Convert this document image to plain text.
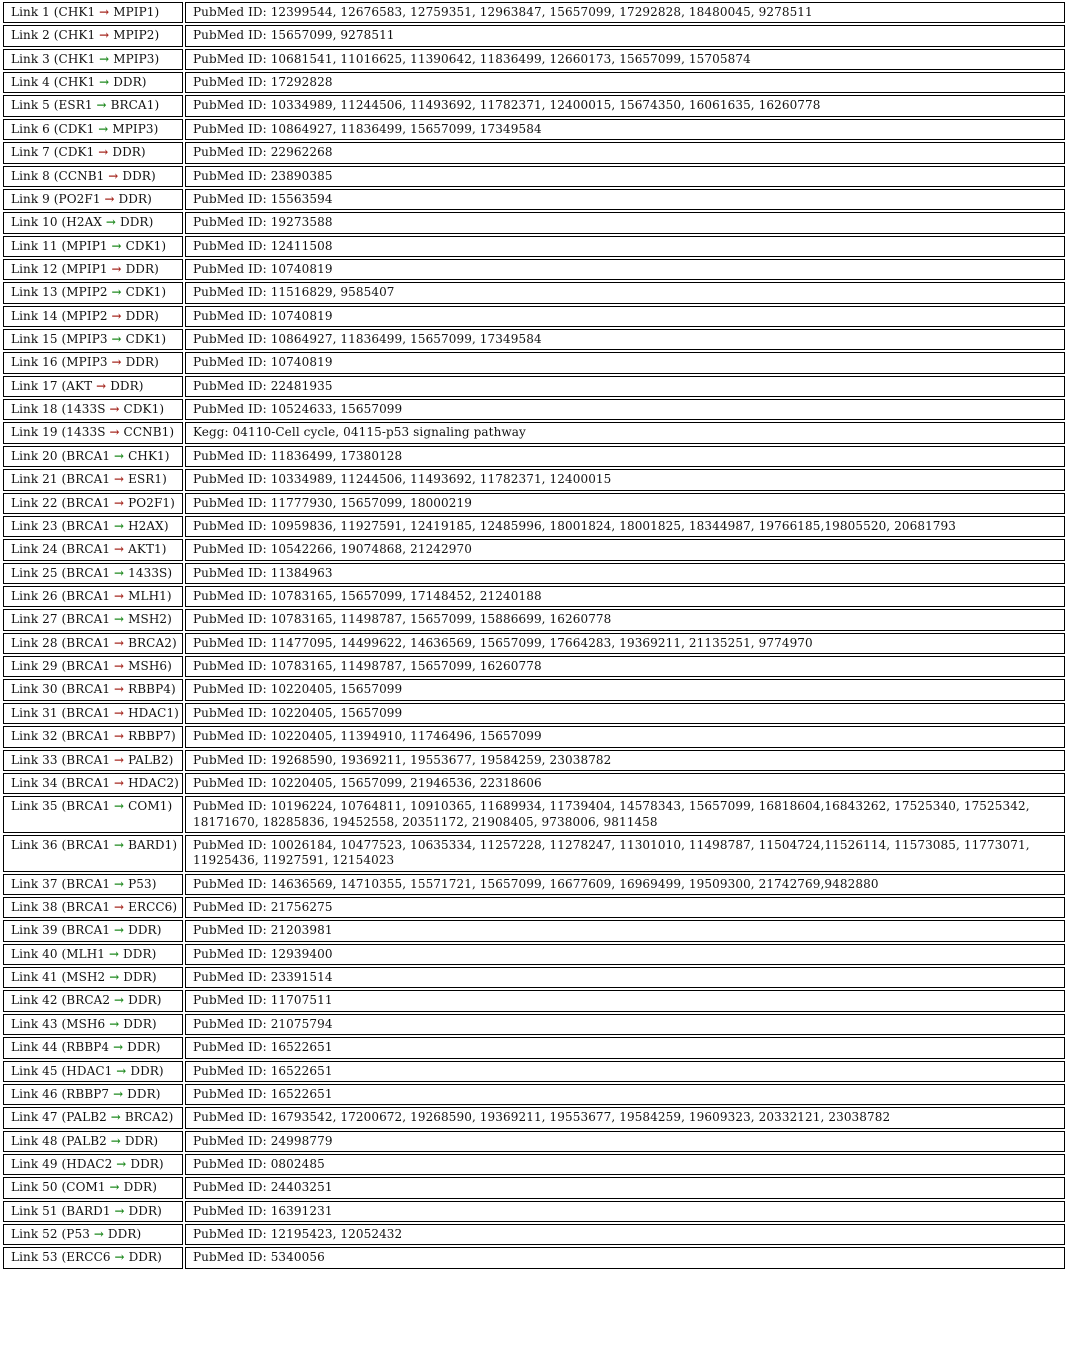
Link 1 (CHK1 → MPIP1)	PubMed ID: 12399544, 12676583, 12759351, 12963847, 15657099, 17292828, 18480045, 9278511
Link 2 (CHK1 → MPIP2)	PubMed ID: 15657099, 9278511
Link 3 (CHK1 → MPIP3)	PubMed ID: 10681541, 11016625, 11390642, 11836499, 12660173, 15657099, 15705874
Link 4 (CHK1 → DDR)	PubMed ID: 17292828
Link 5 (ESR1 → BRCA1)	PubMed ID: 10334989, 11244506, 11493692, 11782371, 12400015, 15674350, 16061635, 16260778
Link 6 (CDK1 → MPIP3)	PubMed ID: 10864927, 11836499, 15657099, 17349584
Link 7 (CDK1 → DDR)	PubMed ID: 22962268
Link 8 (CCNB1 → DDR)	PubMed ID: 23890385
Link 9 (PO2F1 → DDR)	PubMed ID: 15563594
Link 10 (H2AX → DDR)	PubMed ID: 19273588
Link 11 (MPIP1 → CDK1)	PubMed ID: 12411508
Link 12 (MPIP1 → DDR)	PubMed ID: 10740819
Link 13 (MPIP2 → CDK1)	PubMed ID: 11516829, 9585407
Link 14 (MPIP2 → DDR)	PubMed ID: 10740819
Link 15 (MPIP3 → CDK1)	PubMed ID: 10864927, 11836499, 15657099, 17349584
Link 16 (MPIP3 → DDR)	PubMed ID: 10740819
Link 17 (AKT → DDR)	PubMed ID: 22481935
Link 18 (1433S → CDK1)	PubMed ID: 10524633, 15657099
Link 19 (1433S → CCNB1)	Kegg: 04110-Cell cycle, 04115-p53 signaling pathway
Link 20 (BRCA1 → CHK1)	PubMed ID: 11836499, 17380128
Link 21 (BRCA1 → ESR1)	PubMed ID: 10334989, 11244506, 11493692, 11782371, 12400015
Link 22 (BRCA1 → PO2F1)	PubMed ID: 11777930, 15657099, 18000219
Link 23 (BRCA1 → H2AX)	PubMed ID: 10959836, 11927591, 12419185, 12485996, 18001824, 18001825, 18344987, 19766185,19805520, 20681793
Link 24 (BRCA1 → AKT1)	PubMed ID: 10542266, 19074868, 21242970
Link 25 (BRCA1 → 1433S)	PubMed ID: 11384963
Link 26 (BRCA1 → MLH1)	PubMed ID: 10783165, 15657099, 17148452, 21240188
Link 27 (BRCA1 → MSH2)	PubMed ID: 10783165, 11498787, 15657099, 15886699, 16260778
Link 28 (BRCA1 → BRCA2)	PubMed ID: 11477095, 14499622, 14636569, 15657099, 17664283, 19369211, 21135251, 9774970
Link 29 (BRCA1 → MSH6)	PubMed ID: 10783165, 11498787, 15657099, 16260778
Link 30 (BRCA1 → RBBP4)	PubMed ID: 10220405, 15657099
Link 31 (BRCA1 → HDAC1)	PubMed ID: 10220405, 15657099
Link 32 (BRCA1 → RBBP7)	PubMed ID: 10220405, 11394910, 11746496, 15657099
Link 33 (BRCA1 → PALB2)	PubMed ID: 19268590, 19369211, 19553677, 19584259, 23038782
Link 34 (BRCA1 → HDAC2)	PubMed ID: 10220405, 15657099, 21946536, 22318606
Link 35 (BRCA1 → COM1)	PubMed ID: 10196224, 10764811, 10910365, 11689934, 11739404, 14578343, 15657099, 16818604,16843262, 17525340, 17525342, 18171670, 18285836, 19452558, 20351172, 21908405, 9738006, 9811458
Link 36 (BRCA1 → BARD1)	PubMed ID: 10026184, 10477523, 10635334, 11257228, 11278247, 11301010, 11498787, 11504724,11526114, 11573085, 11773071, 11925436, 11927591, 12154023
Link 37 (BRCA1 → P53)	PubMed ID: 14636569, 14710355, 15571721, 15657099, 16677609, 16969499, 19509300, 21742769,9482880
Link 38 (BRCA1 → ERCC6)	PubMed ID: 21756275
Link 39 (BRCA1 → DDR)	PubMed ID: 21203981
Link 40 (MLH1 → DDR)	PubMed ID: 12939400
Link 41 (MSH2 → DDR)	PubMed ID: 23391514
Link 42 (BRCA2 → DDR)	PubMed ID: 11707511
Link 43 (MSH6 → DDR)	PubMed ID: 21075794
Link 44 (RBBP4 → DDR)	PubMed ID: 16522651
Link 45 (HDAC1 → DDR)	PubMed ID: 16522651
Link 46 (RBBP7 → DDR)	PubMed ID: 16522651
Link 47 (PALB2 → BRCA2)	PubMed ID: 16793542, 17200672, 19268590, 19369211, 19553677, 19584259, 19609323, 20332121, 23038782
Link 48 (PALB2 → DDR)	PubMed ID: 24998779
Link 49 (HDAC2 → DDR)	PubMed ID: 0802485
Link 50 (COM1 → DDR)	PubMed ID: 24403251
Link 51 (BARD1 → DDR)	PubMed ID: 16391231
Link 52 (P53 → DDR)	PubMed ID: 12195423, 12052432
Link 53 (ERCC6 → DDR)	PubMed ID: 5340056
